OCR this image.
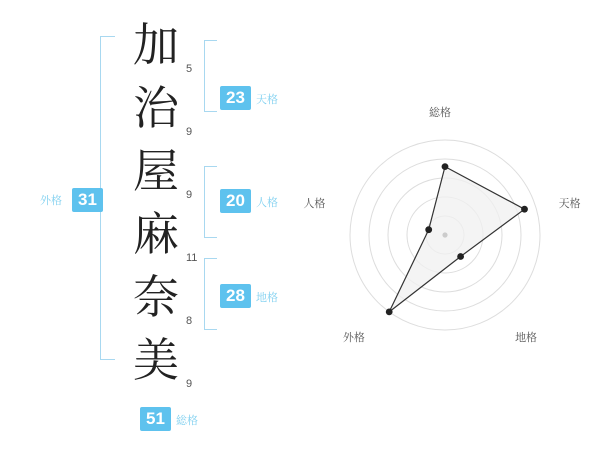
加 5
治 9
屋 9
麻 11
奈 8
美 9
31
外格
23	天格
20	人格
28	地格
51	総格
総格
天格
地格
外格
人格
